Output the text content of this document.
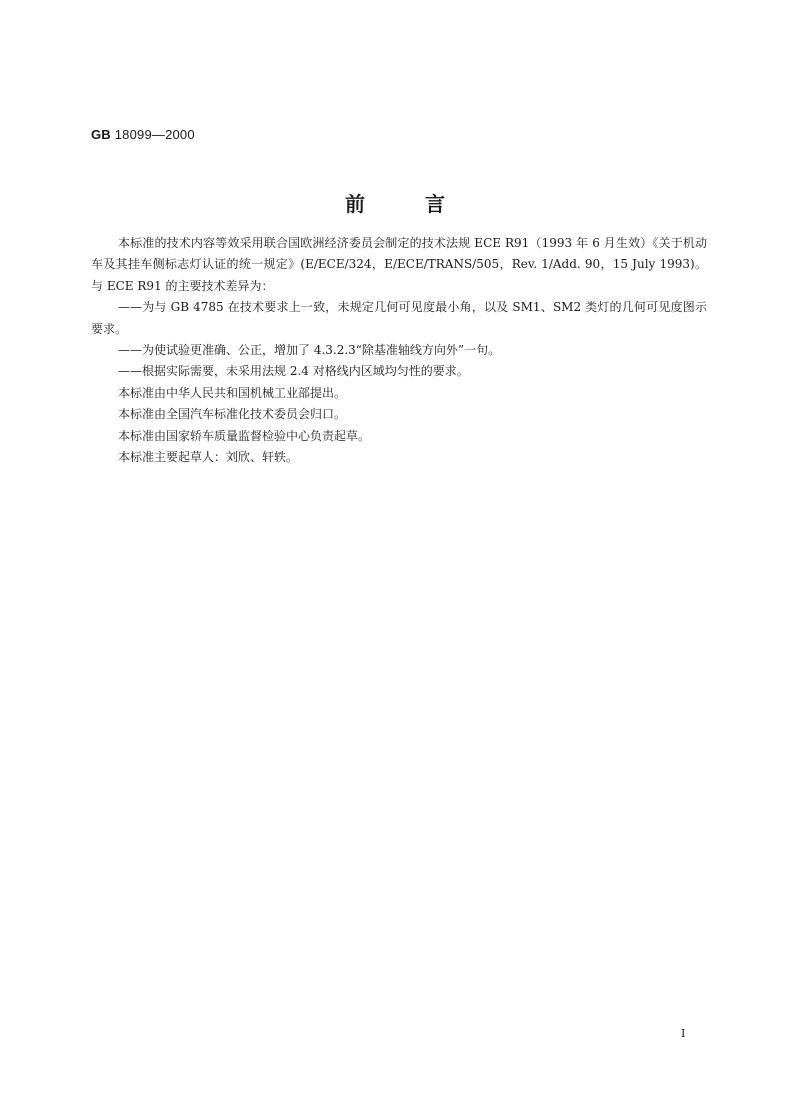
GB 18099—2000
前	言

本标准的技术内容等效采用联合国欧洲经济委员会制定的技术法规 ECE R91（1993 年 6 月生效）《关于机动车及其挂车侧标志灯认证的统一规定》(E/ECE/324，E/ECE/TRANS/505，Rev. 1/Add. 90，15 July 1993)。与 ECE R91 的主要技术差异为：

——为与 GB 4785 在技术要求上一致，未规定几何可见度最小角，以及 SM1、SM2 类灯的几何可见度图示要求。

——为使试验更准确、公正，增加了 4.3.2.3“除基准轴线方向外”一句。

——根据实际需要，未采用法规 2.4 对格线内区域均匀性的要求。

本标准由中华人民共和国机械工业部提出。

本标准由全国汽车标准化技术委员会归口。

本标准由国家轿车质量监督检验中心负责起草。

本标准主要起草人：刘欣、轩轶。

I
